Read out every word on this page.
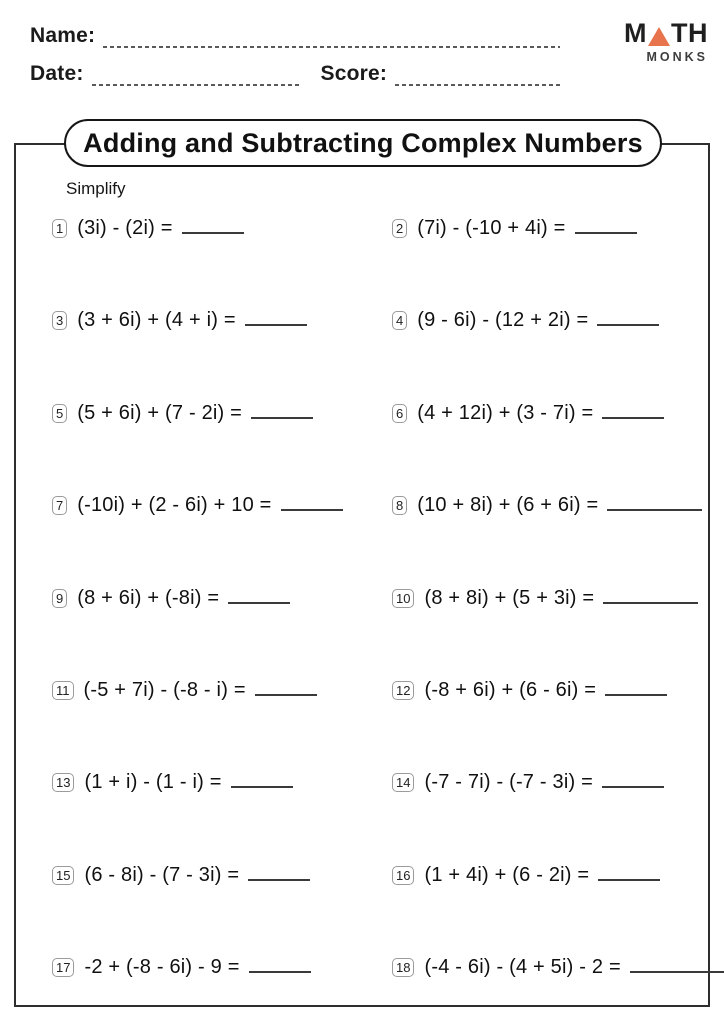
Name:
Date:	Score:
M TH
MONKS
Adding and Subtracting Complex Numbers
Simplify
1 (3i) - (2i) =	2 (7i) - (-10 + 4i) =
3 (3 + 6i) + (4 + i) =	4 (9 - 6i) - (12 + 2i) =
5 (5 + 6i) + (7 - 2i) =	6 (4 + 12i) + (3 - 7i) =
7 (-10i) + (2 - 6i) + 10 =	8 (10 + 8i) + (6 + 6i) =
9 (8 + 6i) + (-8i) =	10 (8 + 8i) + (5 + 3i) =
11 (-5 + 7i) - (-8 - i) =	12 (-8 + 6i) + (6 - 6i) =
13 (1 + i) - (1 - i) =	14 (-7 - 7i) - (-7 - 3i) =
15 (6 - 8i) - (7 - 3i) =	16 (1 + 4i) + (6 - 2i) =
17 -2 + (-8 - 6i) - 9 =	18 (-4 - 6i) - (4 + 5i) - 2 =
